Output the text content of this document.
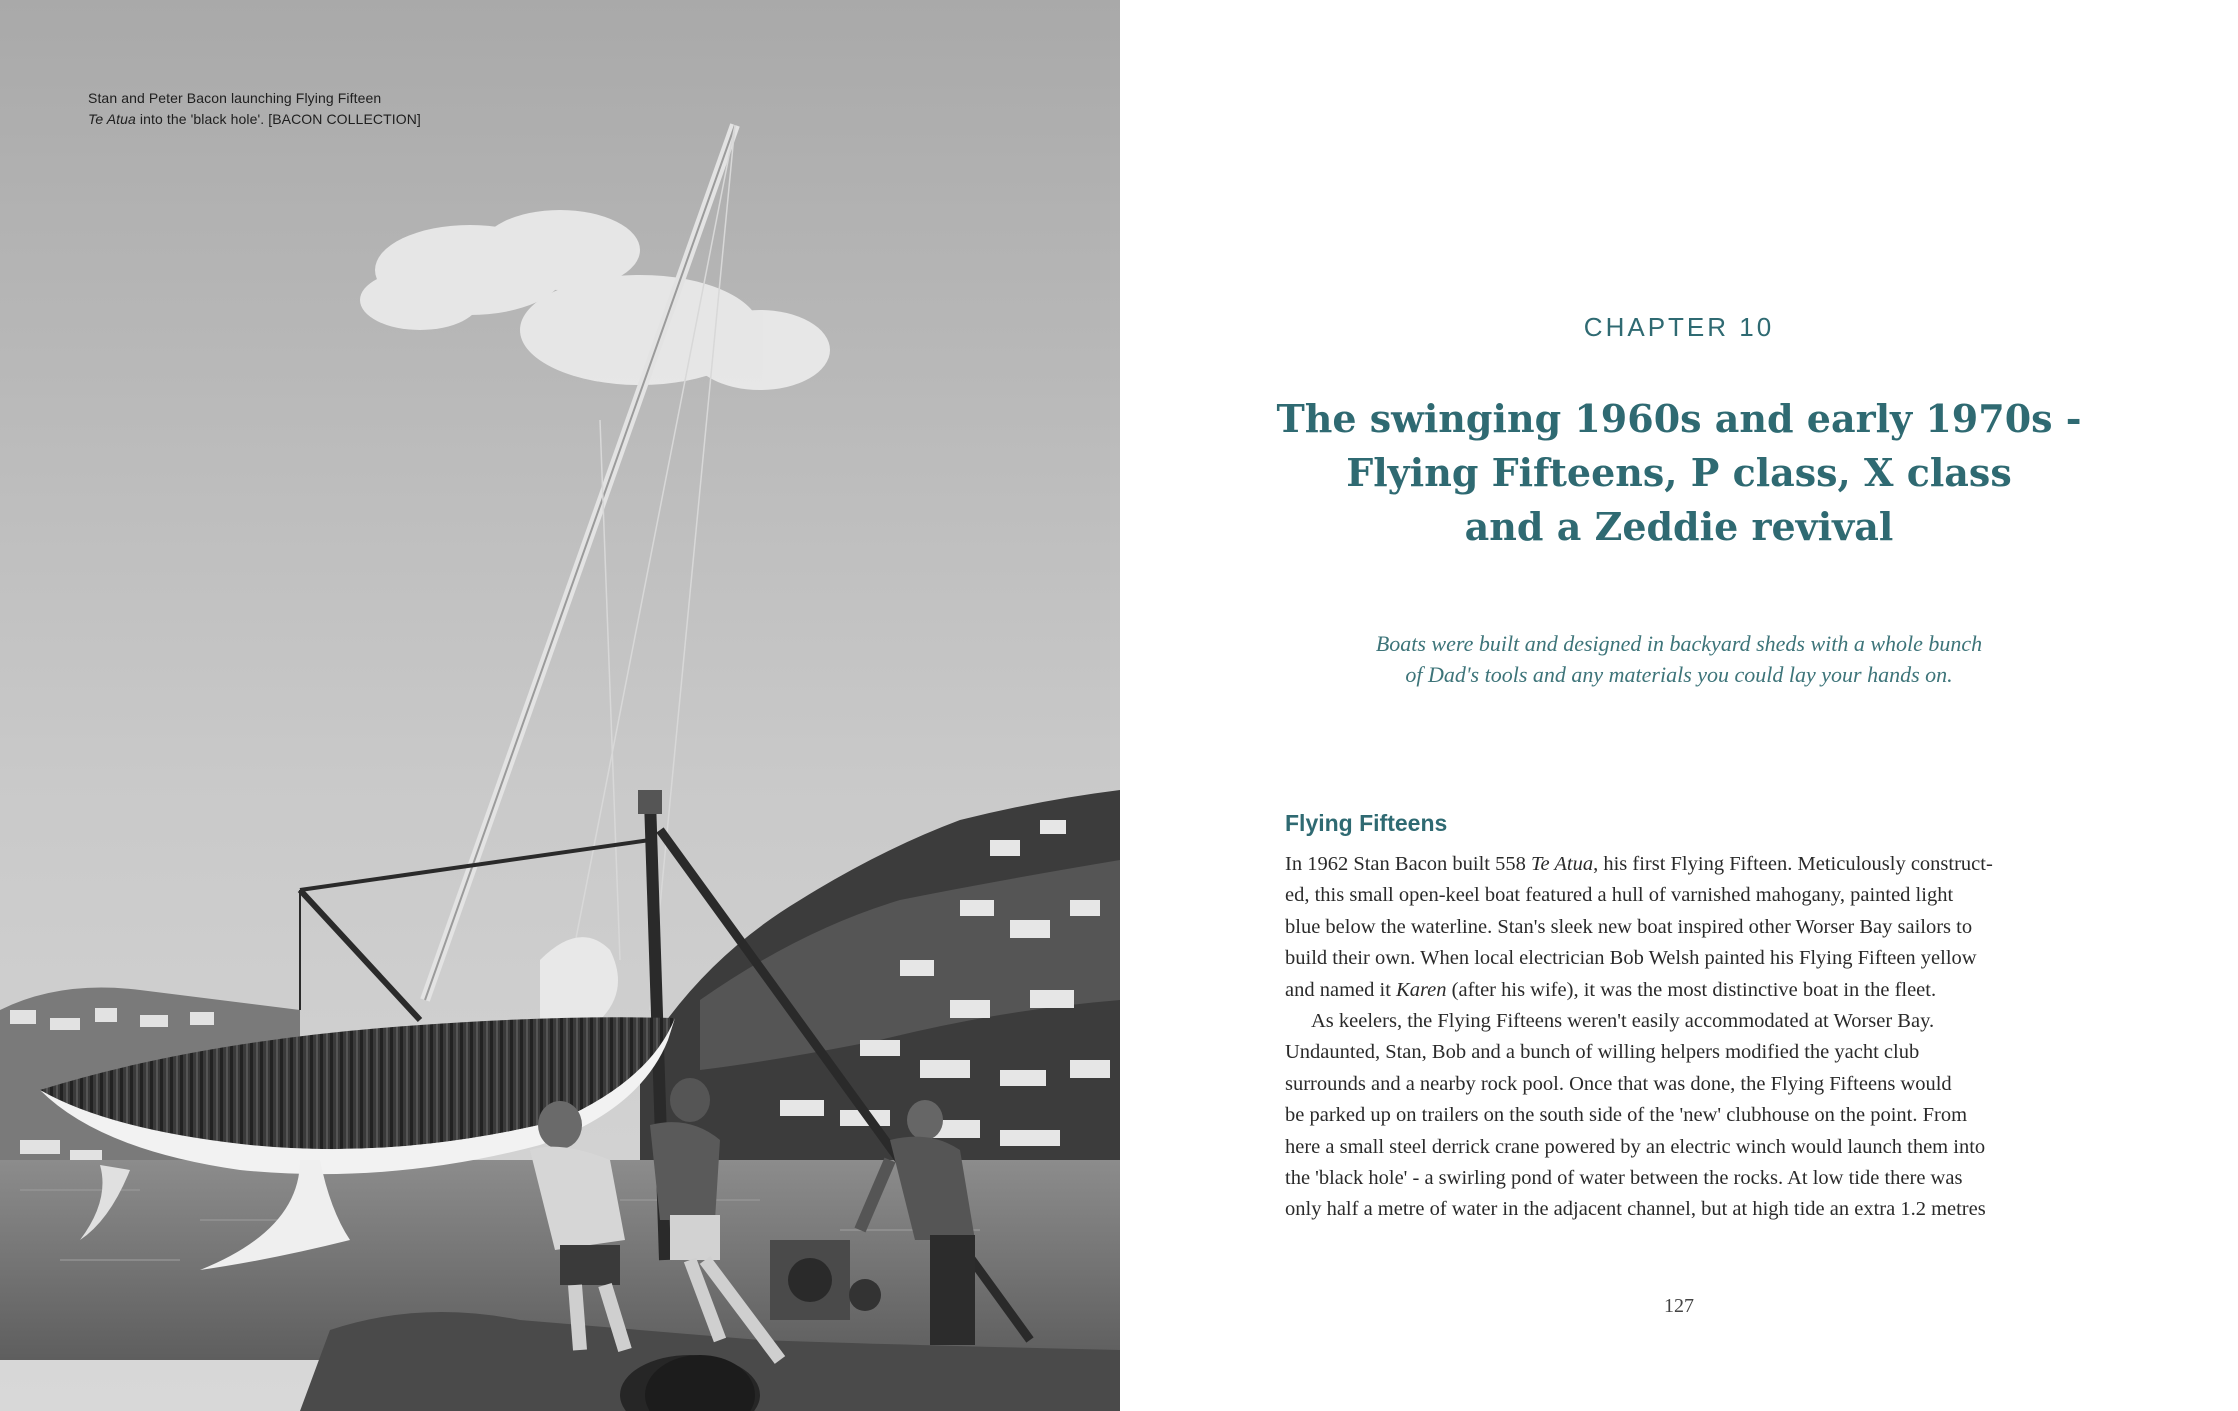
Stan and Peter Bacon launching Flying Fifteen
Te Atua into the 'black hole'. [BACON COLLECTION]
CHAPTER 10
The swinging 1960s and early 1970s -
Flying Fifteens, P class, X class
and a Zeddie revival
Boats were built and designed in backyard sheds with a whole bunch
of Dad's tools and any materials you could lay your hands on.
Flying Fifteens
In 1962 Stan Bacon built 558 Te Atua, his first Flying Fifteen. Meticulously construct-
ed, this small open-keel boat featured a hull of varnished mahogany, painted light
blue below the waterline. Stan's sleek new boat inspired other Worser Bay sailors to
build their own. When local electrician Bob Welsh painted his Flying Fifteen yellow
and named it Karen (after his wife), it was the most distinctive boat in the fleet.
As keelers, the Flying Fifteens weren't easily accommodated at Worser Bay.
Undaunted, Stan, Bob and a bunch of willing helpers modified the yacht club
surrounds and a nearby rock pool. Once that was done, the Flying Fifteens would
be parked up on trailers on the south side of the 'new' clubhouse on the point. From
here a small steel derrick crane powered by an electric winch would launch them into
the 'black hole' - a swirling pond of water between the rocks. At low tide there was
only half a metre of water in the adjacent channel, but at high tide an extra 1.2 metres
127
